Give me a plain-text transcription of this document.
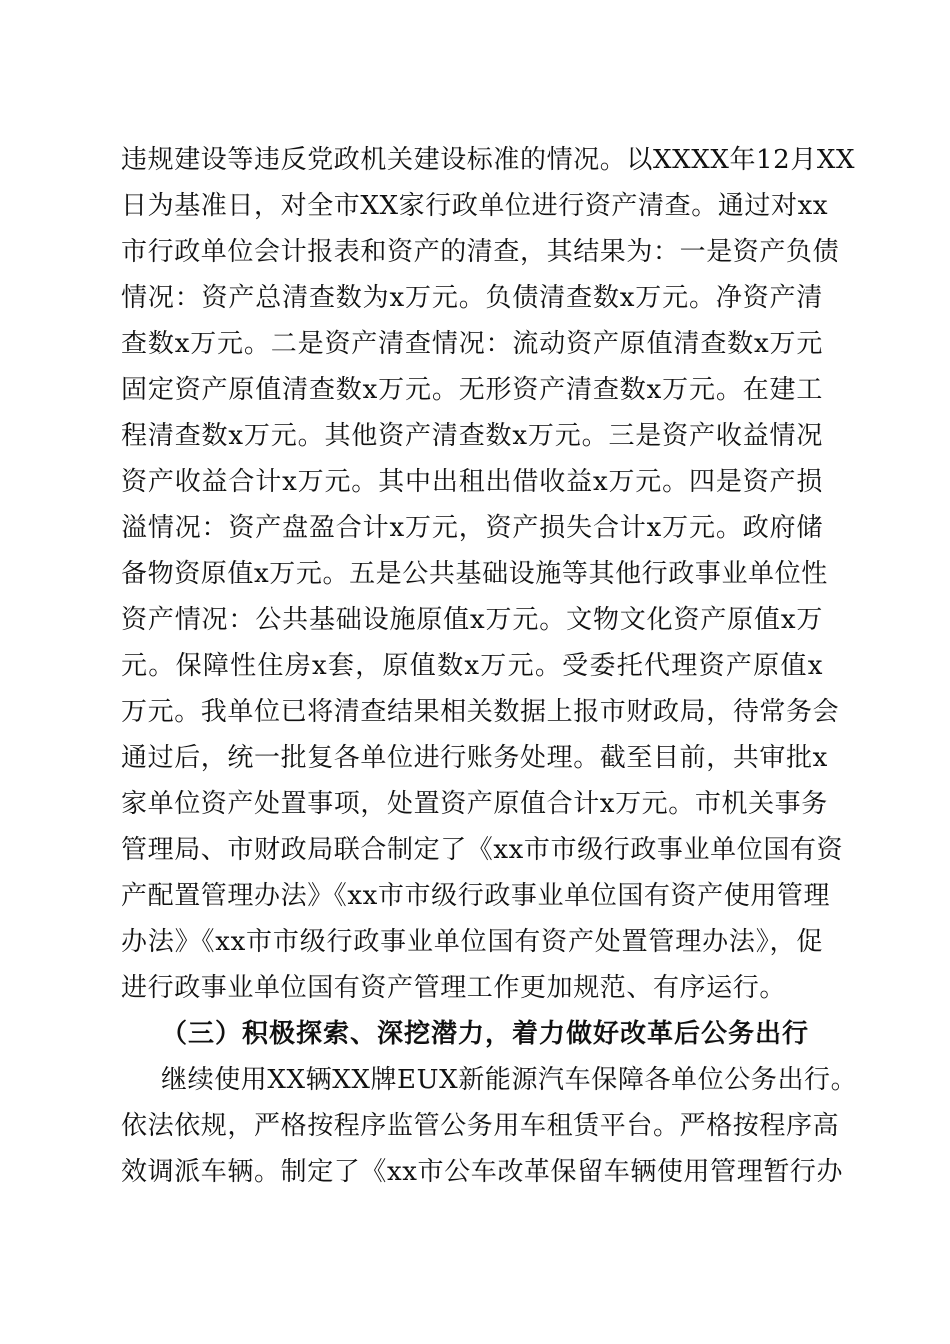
违规建设等违反党政机关建设标准的情况。以XXXX年12月XX
日为基准日，对全市XX家行政单位进行资产清查。通过对xx
市行政单位会计报表和资产的清查，其结果为：一是资产负债
情况：资产总清查数为x万元。负债清查数x万元。净资产清
查数x万元。二是资产清查情况：流动资产原值清查数x万元
固定资产原值清查数x万元。无形资产清查数x万元。在建工
程清查数x万元。其他资产清查数x万元。三是资产收益情况
资产收益合计x万元。其中出租出借收益x万元。四是资产损
溢情况：资产盘盈合计x万元，资产损失合计x万元。政府储
备物资原值x万元。五是公共基础设施等其他行政事业单位性
资产情况：公共基础设施原值x万元。文物文化资产原值x万
元。保障性住房x套，原值数x万元。受委托代理资产原值x
万元。我单位已将清查结果相关数据上报市财政局，待常务会
通过后，统一批复各单位进行账务处理。截至目前，共审批x
家单位资产处置事项，处置资产原值合计x万元。市机关事务
管理局、市财政局联合制定了《xx市市级行政事业单位国有资
产配置管理办法》《xx市市级行政事业单位国有资产使用管理
办法》《xx市市级行政事业单位国有资产处置管理办法》，促
进行政事业单位国有资产管理工作更加规范、有序运行。
（三）积极探索、深挖潜力，着力做好改革后公务出行
继续使用XX辆XX牌EUX新能源汽车保障各单位公务出行。
依法依规，严格按程序监管公务用车租赁平台。严格按程序高
效调派车辆。制定了《xx市公车改革保留车辆使用管理暂行办
